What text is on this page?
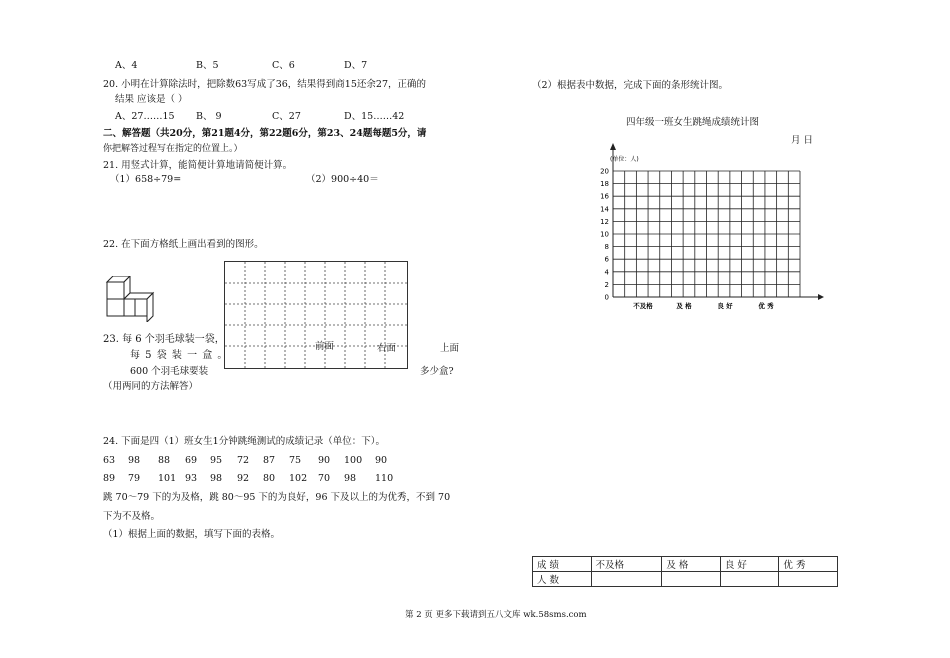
A、4	B、5	C、6	D、7
20. 小明在计算除法时，把除数63写成了36，结果得到商15还余27，正确的
结果 应该是（ ）
A、27……15 B、 9	C、27	D、15……42
二、解答题（共20分，第21题4分，第22题6分，第23、24题每题5分，请
你把解答过程写在指定的位置上。）
21. 用竖式计算，能简便计算地请简便计算。
（1）658÷79=	（2）900÷40＝
22. 在下面方格纸上画出看到的图形。
前面	右面	上面
23. 每 6 个羽毛球装一袋，
每 5 袋 装 一 盒 。
600 个羽毛球要装	多少盒?
（用两同的方法解答）
24. 下面是四（1）班女生1分钟跳绳测试的成绩记录（单位：下）。
63 98 88 69 95 72 87 75 90 100 90
89 79 101 93 98 92 80 102 70 98 110
跳 70～79 下的为及格，跳 80～95 下的为良好，96 下及以上的为优秀，不到 70
下为不及格。
（1）根据上面的数据，填写下面的表格。
（2）根据表中数据，完成下面的条形统计图。
四年级一班女生跳绳成绩统计图
月 日
0
2
4
6
8
10
12
14
16
18
20
不及格	及 格	良 好	优 秀
(单位：人)
成 绩	不及格	及 格	良 好	优 秀
人 数				
第 2 页 更多下载请到五八文库 wk.58sms.com
